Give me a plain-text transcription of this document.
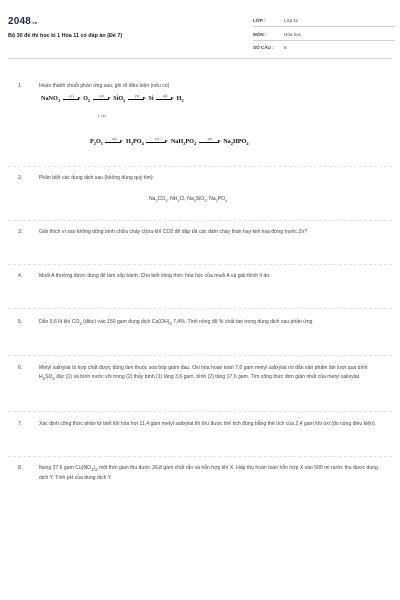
2048.vn
Bộ 30 đề thi học kì 1 Hóa 11 có đáp án (Đề 7)
LỚP :	Lớp 11
MÔN :	Hóa học
SỐ CÂU : 8
1.	Hoàn thành chuỗi phản ứng sau, ghi rõ điều kiện (nếu có)
NaNO$_3$
(1)	$O_2$
(2)	SiO$_2$
(3)	Si	(4)	$H_2$
↓ (5)
$P_2O_5$
(6)	$H_3PO_4$
(7)	$NaH_2PO_4$
(8)	$Na_2HPO_4$
2.	Phân biệt các dung dịch sau (không dùng quỳ tím):
$Na_2CO_3$, $NH_4Cl$, $Na_2SiO_3$, $Na_3PO_4$
3.	Giải thích vì sao không dùng bình chữa cháy chứa khí CO2 để dập tắt các đám cháy than hay kim loại đứng trước Zn?
4.	Muối A thường được dùng để làm xốp bánh. Cho biết công thức hóa học của muối A và giải thích lí do.
5.	Dẫn 5,6 lít khí $CO_2$ (đktc) vào 150 gam dung dịch $Ca(OH)_2$ 7,4%. Tính nồng độ % chất tan trong dung dịch sau phản ứng.
6.	Metyl salixylat là hợp chất được dùng làm thuốc xoa bóp giảm đau. Oxi hóa hoàn toàn 7,6 gam metyl salixylat rồi dẫn sản phẩm lần lượt qua bình $H_2SO_4$ đặc (1) và bình nước vôi trong (2) thấy bình (1) tăng 3,6 gam, bình (2) tăng 17,6 gam. Tìm công thức đơn giản nhất của metyl salixylat.
7.	Xác định công thức phân tử biết khi hóa hơi 11,4 gam metyl salixylat thì thu được thể tích đúng bằng thể tích của 2,4 gam khí oxi (đo cùng điều kiện).
8.	Nung 37,6 gam $Cu(NO_3)_2$ một thời gian thu được 26,8 gam chất rắn và hỗn hợp khí X. Hấp thụ hoàn toàn hỗn hợp X vào 500 ml nước thu được dung dịch Y. Tính pH của dung dịch Y.
